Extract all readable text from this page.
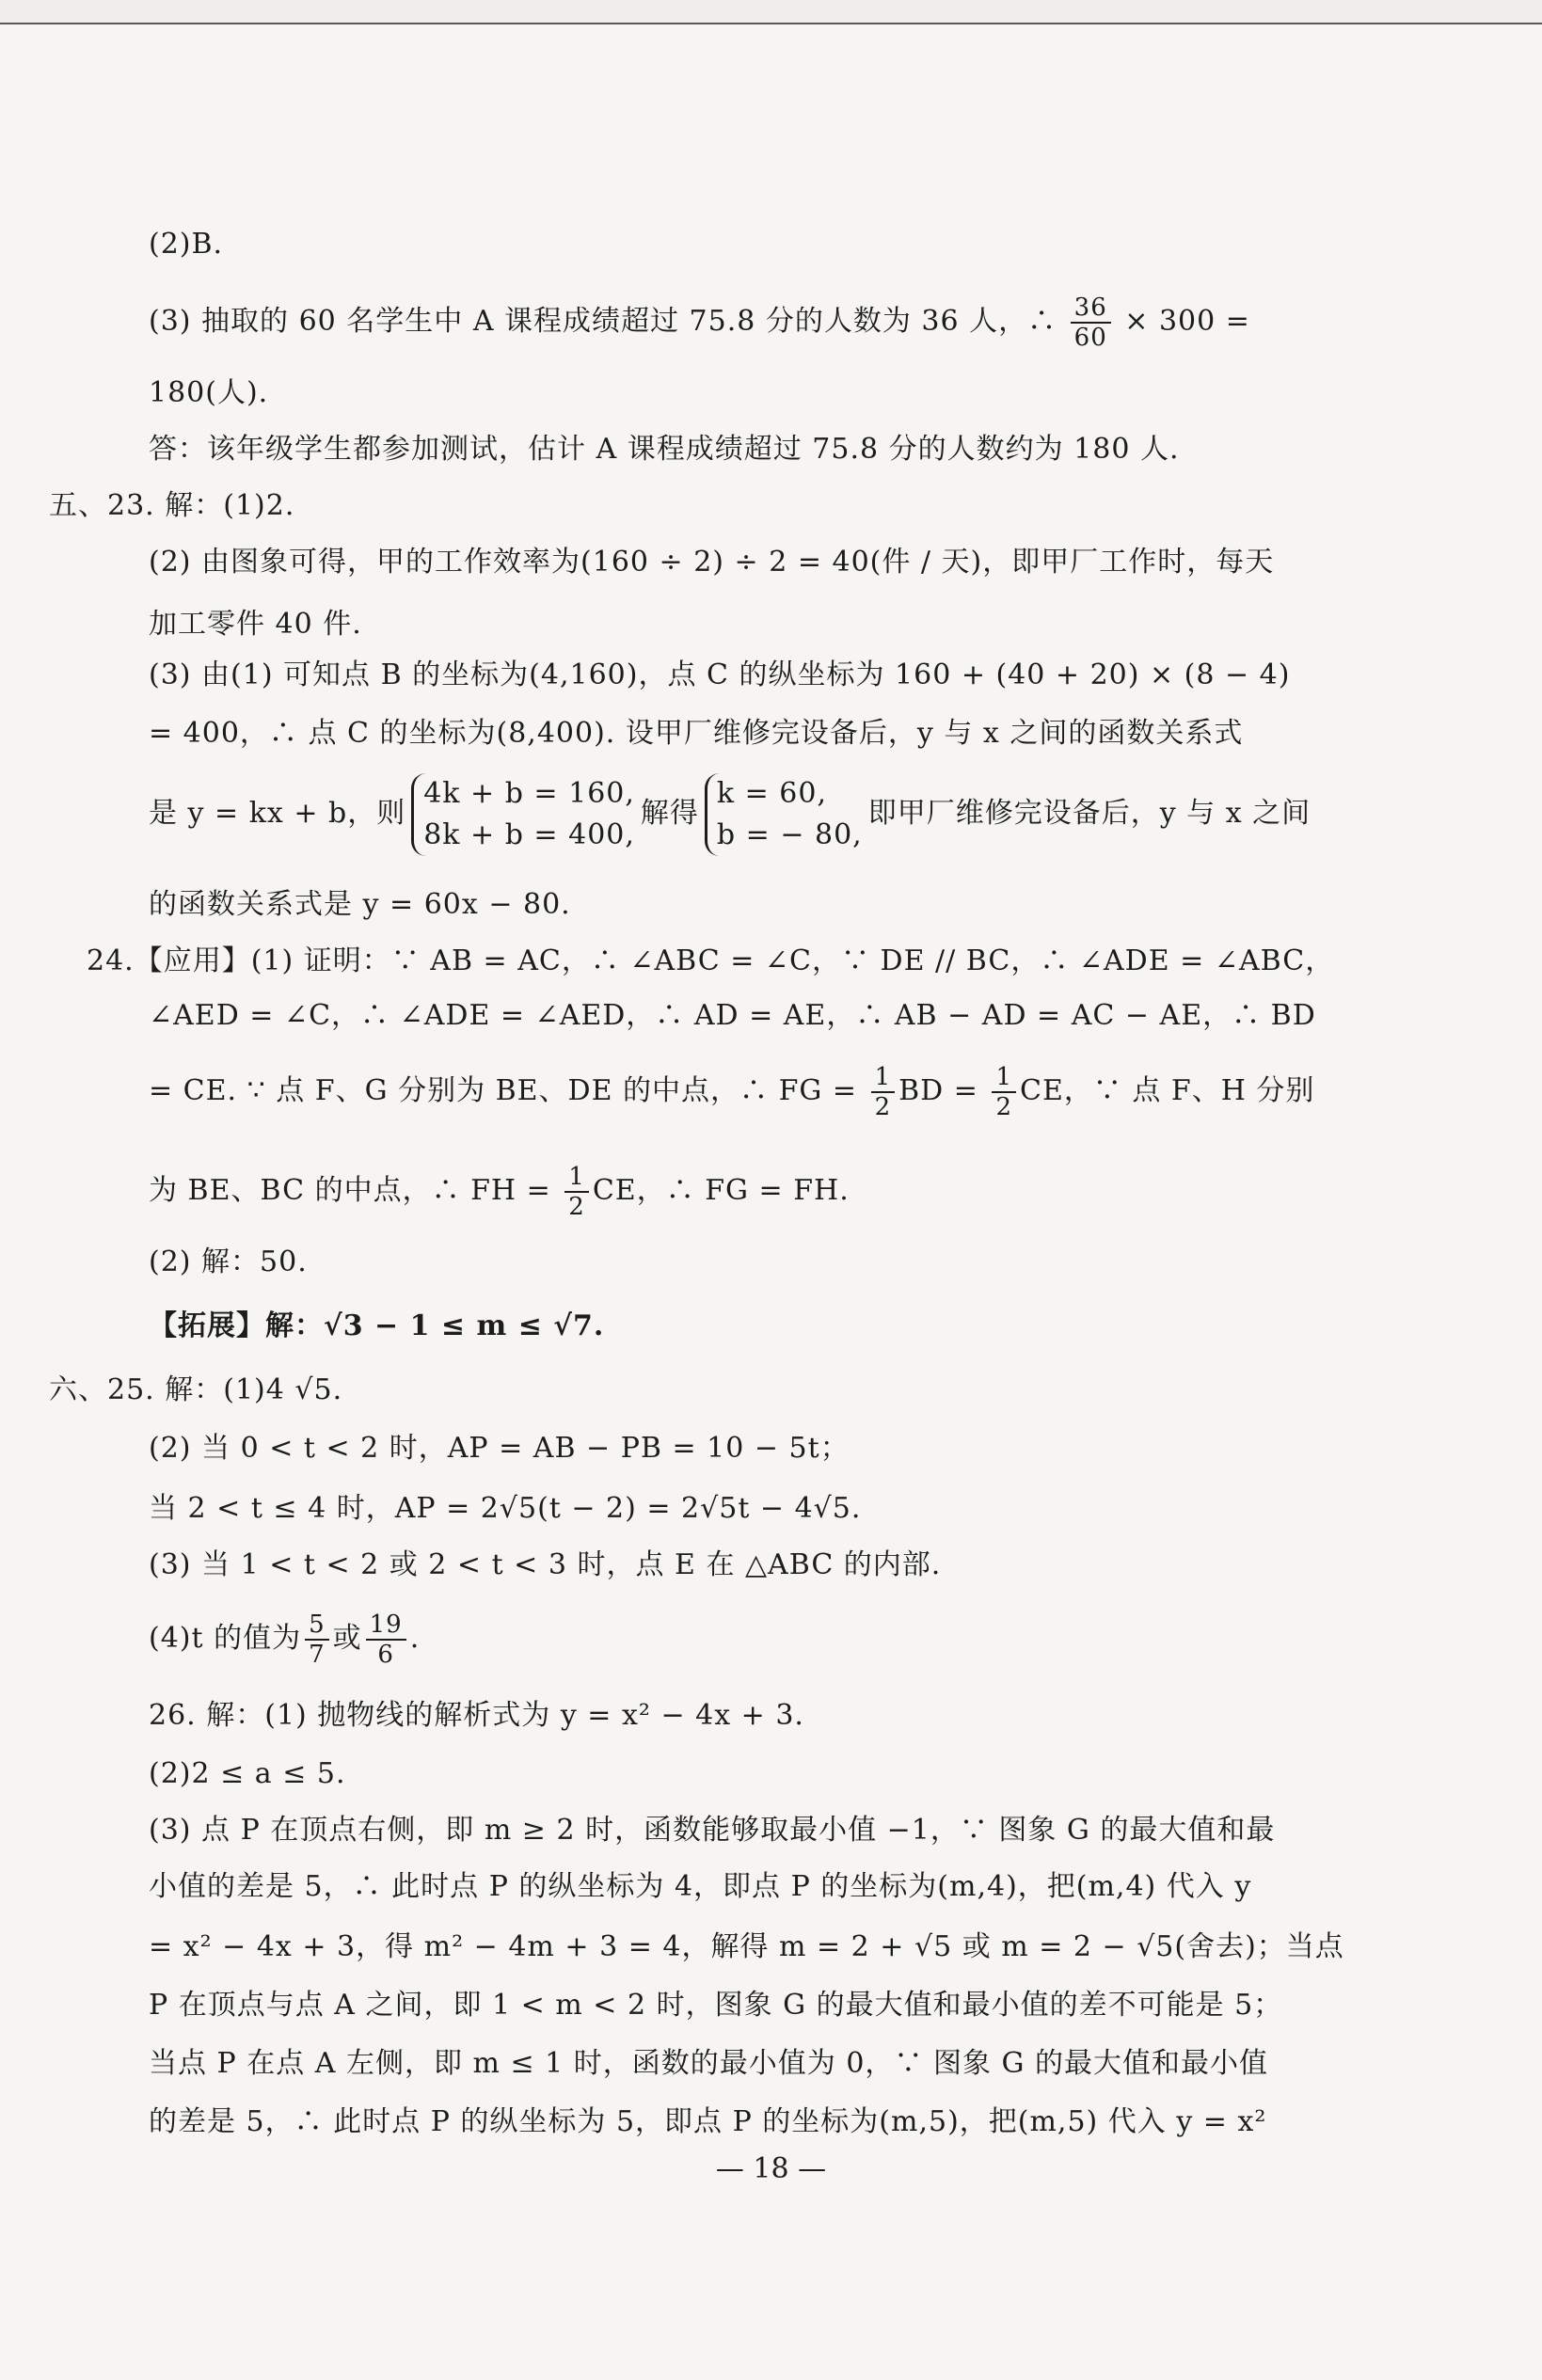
(2)B.
(3) 抽取的 60 名学生中 A 课程成绩超过 75.8 分的人数为 36 人，∴ $\frac{36}{60} \times 300$ =
180(人).
答：该年级学生都参加测试，估计 A 课程成绩超过 75.8 分的人数约为 180 人.
五、23. 解：(1)2.
(2) 由图象可得，甲的工作效率为(160 ÷ 2) ÷ 2 = 40(件 / 天)，即甲厂工作时，每天
加工零件 40 件.
(3) 由(1) 可知点 B 的坐标为(4,160)，点 C 的纵坐标为 160 + (40 + 20) × (8 − 4)
= 400，∴ 点 C 的坐标为(8,400). 设甲厂维修完设备后，y 与 x 之间的函数关系式
是 y = kx + b，则
4k + b = 160,
8k + b = 400,
解得
k = 60,
b = − 80,
即甲厂维修完设备后，y 与 x 之间
的函数关系式是 y = 60x − 80.
24.【应用】(1) 证明：∵ AB = AC，∴ ∠ABC = ∠C，∵ DE // BC，∴ ∠ADE = ∠ABC，
∠AED = ∠C，∴ ∠ADE = ∠AED，∴ AD = AE，∴ AB − AD = AC − AE，∴ BD
= CE. ∵ 点 F、G 分别为 BE、DE 的中点，∴ FG = $\frac{1}{2}$ BD = $\frac{1}{2}$ CE，∵ 点 F、H 分别
为 BE、BC 的中点，∴ FH = $\frac{1}{2}$ CE，∴ FG = FH.
(2) 解：50.
【拓展】解：√3 − 1 ≤ m ≤ √7.
六、25. 解：(1)4 √5.
(2) 当 0 < t < 2 时，AP = AB − PB = 10 − 5t；
当 2 < t ≤ 4 时，AP = 2√5(t − 2) = 2√5t − 4√5.
(3) 当 1 < t < 2 或 2 < t < 3 时，点 E 在 △ABC 的内部.
(4)t 的值为 $\frac{5}{7}$ 或 $\frac{19}{6}$ .
26. 解：(1) 抛物线的解析式为 y = x² − 4x + 3.
(2)2 ≤ a ≤ 5.
(3) 点 P 在顶点右侧，即 m ≥ 2 时，函数能够取最小值 −1，∵ 图象 G 的最大值和最
小值的差是 5，∴ 此时点 P 的纵坐标为 4，即点 P 的坐标为(m,4)，把(m,4) 代入 y
= x² − 4x + 3，得 m² − 4m + 3 = 4，解得 m = 2 + √5 或 m = 2 − √5(舍去)；当点
P 在顶点与点 A 之间，即 1 < m < 2 时，图象 G 的最大值和最小值的差不可能是 5；
当点 P 在点 A 左侧，即 m ≤ 1 时，函数的最小值为 0，∵ 图象 G 的最大值和最小值
的差是 5，∴ 此时点 P 的纵坐标为 5，即点 P 的坐标为(m,5)，把(m,5) 代入 y = x²
— 18 —
